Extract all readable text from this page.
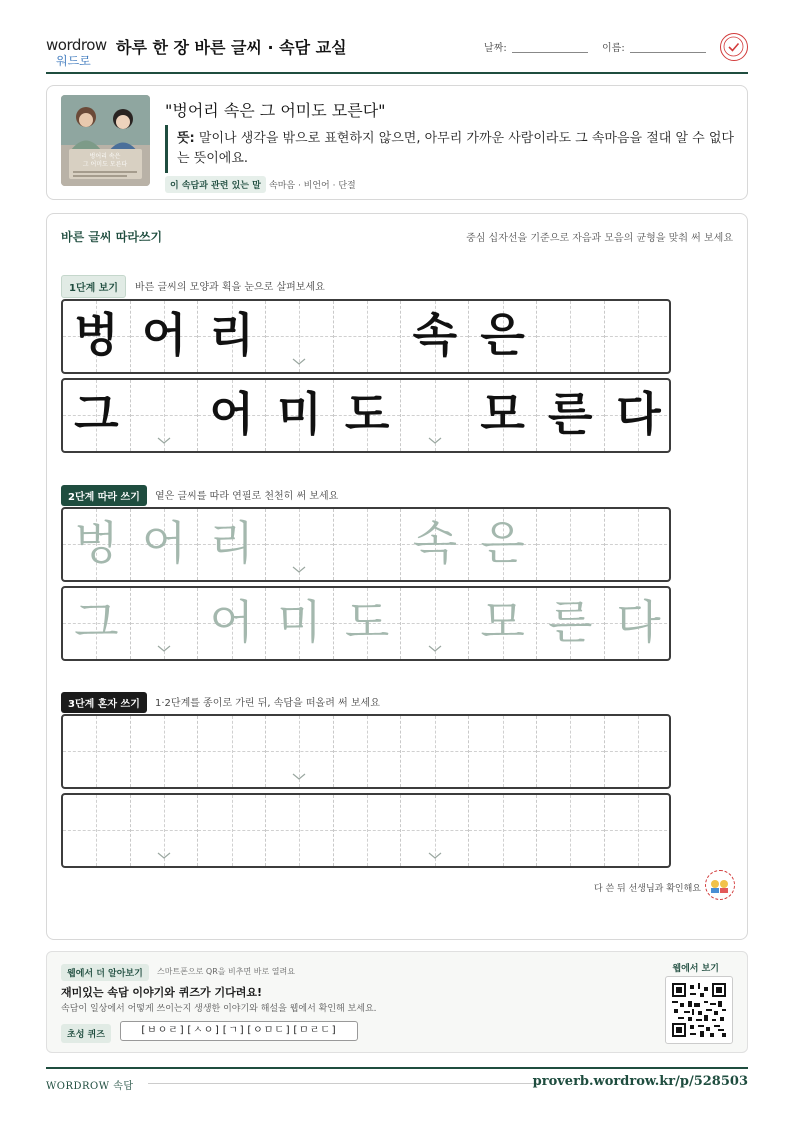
wordrow
워드로
하루 한 장 바른 글씨 · 속담 교실	날짜:	이름:
벙어리 속은
그 어미도 모른다
"벙어리 속은 그 어미도 모른다"
뜻: 말이나 생각을 밖으로 표현하지 않으면, 아무리 가까운 사람이라도 그 속마음을 절대 알 수 없다는 뜻이에요.
이 속담과 관련 있는 말 속마음 · 비언어 · 단절
바른 글씨 따라쓰기	중심 십자선을 기준으로 자음과 모음의 균형을 맞춰 써 보세요
1단계 보기	바른 글씨의 모양과 획을 눈으로 살펴보세요
벙 어 리	속 은
그 어 미 도 모 른 다
2단계 따라 쓰기	옅은 글씨를 따라 연필로 천천히 써 보세요
벙 어 리	속 은
그 어 미 도 모 른 다
3단계 혼자 쓰기	1·2단계를 종이로 가린 뒤, 속담을 떠올려 써 보세요
다 쓴 뒤 선생님과 확인해요
웹에서 더 알아보기	스마트폰으로 QR을 비추면 바로 열려요
재미있는 속담 이야기와 퀴즈가 기다려요!
속담이 일상에서 어떻게 쓰이는지 생생한 이야기와 해설을 웹에서 확인해 보세요.
초성 퀴즈	[ㅂㅇㄹ][ㅅㅇ][ㄱ][ㅇㅁㄷ][ㅁㄹㄷ]
웹에서 보기
WORDROW 속담	proverb.wordrow.kr/p/528503
